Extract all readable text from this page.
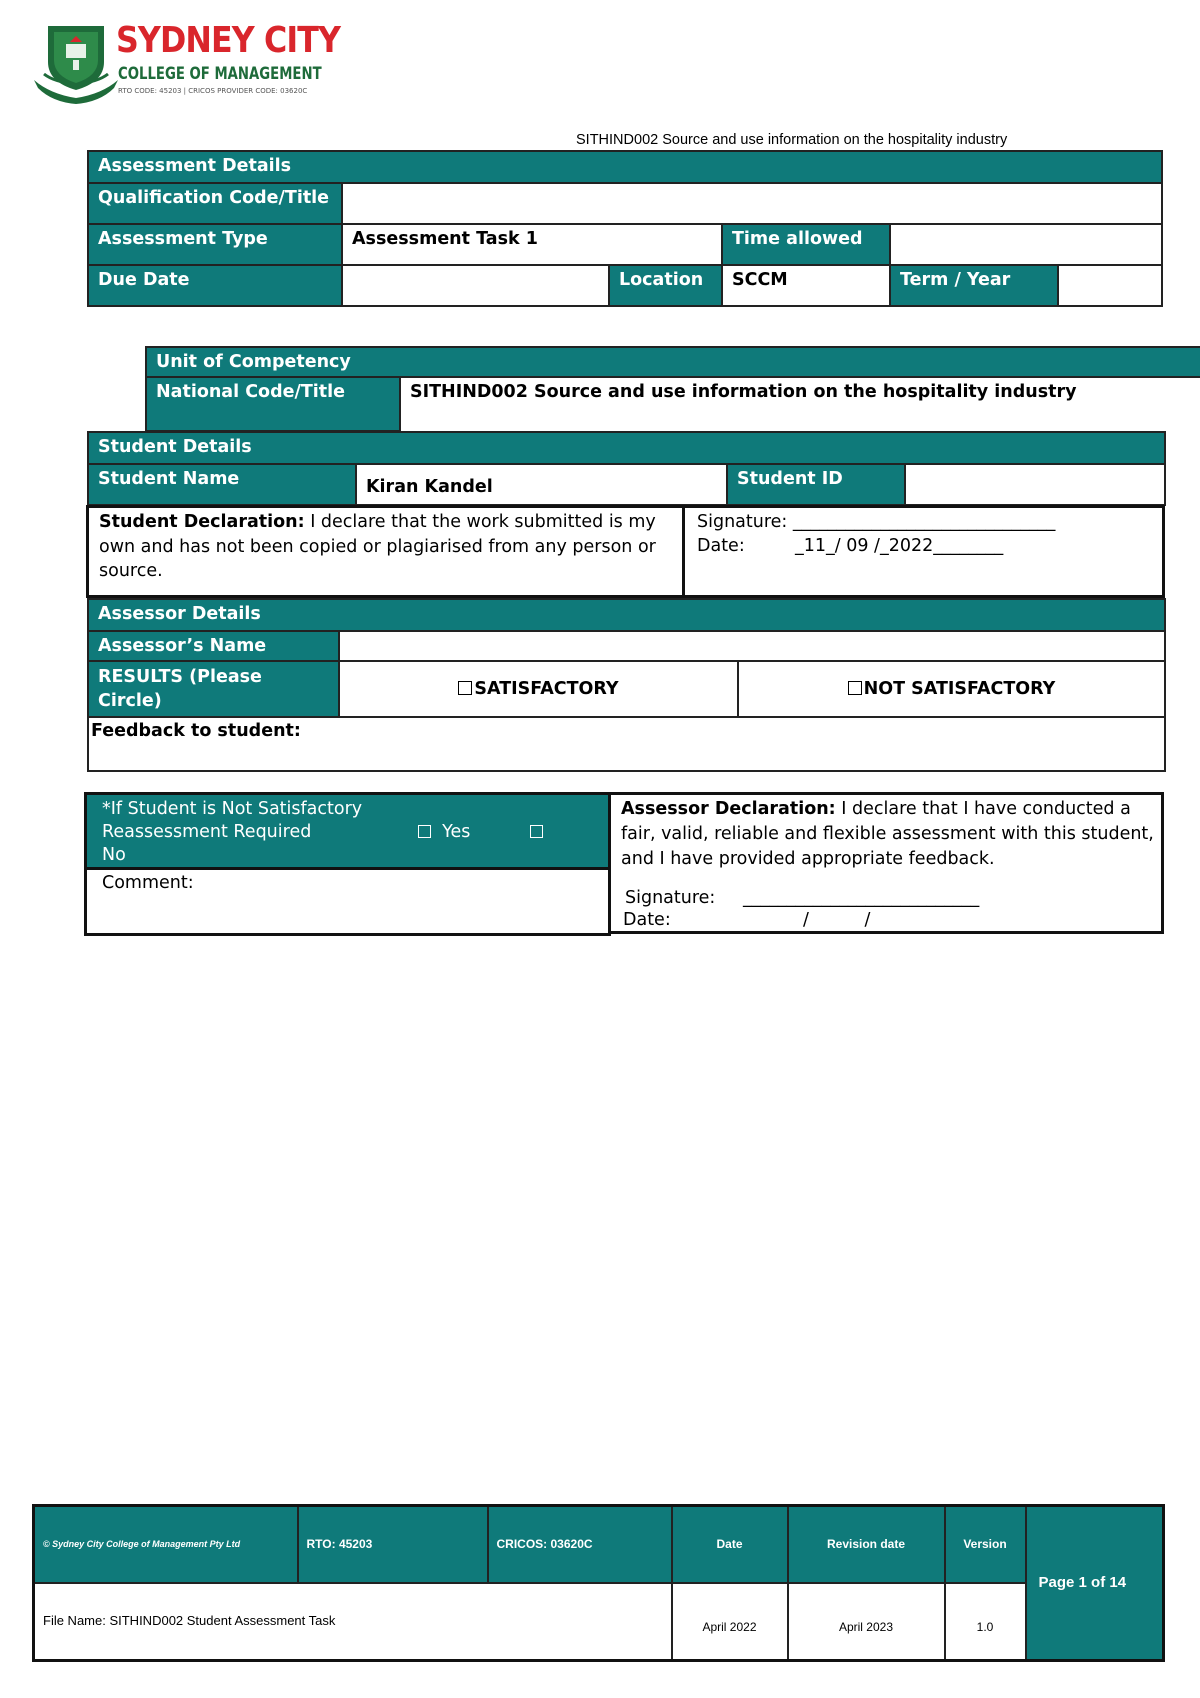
SYDNEY CITY
COLLEGE OF MANAGEMENT
RTO CODE: 45203 | CRICOS PROVIDER CODE: 03620C
SITHIND002 Source and use information on the hospitality industry
Assessment Details					
Qualification Code/Title					
Assessment Type	Assessment Task 1		Time allowed		
Due Date		Location	SCCM	Term / Year	
Unit of Competency
National Code/Title	SITHIND002 Source and use information on the hospitality industry
Student Details
Student Name	Kiran Kandel	Student ID	
Student Declaration: I declare that the work submitted is my own and has not been copied or plagiarised from any person or source.
Signature: ______________________________
Date:	_11_/ 09 /_2022________
Assessor Details		
Assessor’s Name		
RESULTS (Please Circle)	SATISFACTORY	NOT SATISFACTORY
Feedback to student:		
*If Student is Not Satisfactory
Reassessment Required	Yes
No
Comment:
Assessor Declaration: I declare that I have conducted a fair, valid, reliable and flexible assessment with this student, and I have provided appropriate feedback.
Signature: ___________________________
Date:	/          /
© Sydney City College of Management Pty Ltd	RTO: 45203	CRICOS: 03620C	Date	Revision date	Version	Page 1 of 14
File Name: SITHIND002 Student Assessment Task			April 2022	April 2023	1.0	
